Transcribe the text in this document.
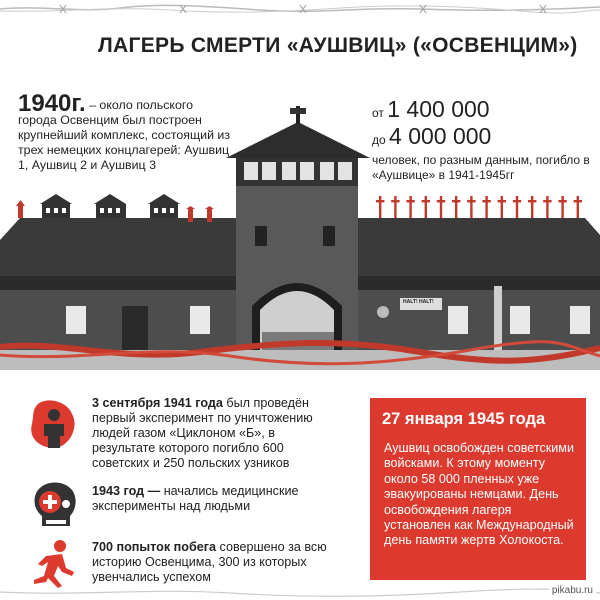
ЛАГЕРЬ СМЕРТИ «АУШВИЦ» («ОСВЕНЦИМ»)
HALT! HALT!
1940г. – около польского города Освенцим был построен крупнейший комплекс, состоящий из трех немецких концлагерей: Аушвиц 1, Аушвиц 2 и Аушвиц 3
от 1 400 000
до 4 000 000
человек, по разным данным, погибло в «Аушвице» в 1941-1945гг
3 сентября 1941 года был проведён первый эксперимент по уничтожению людей газом «Циклоном «Б», в результате которого погибло 600 советских и 250 польских узников
1943 год — начались медицинские эксперименты над людьми
700 попыток побега совершено за всю историю Освенцима, 300 из которых увенчались успехом
27 января 1945 года
Аушвиц освобожден советскими войсками. К этому моменту около 58 000 пленных уже эвакуированы немцами. День освобождения лагеря установлен как Международный день памяти жертв Холокоста.
pikabu.ru
